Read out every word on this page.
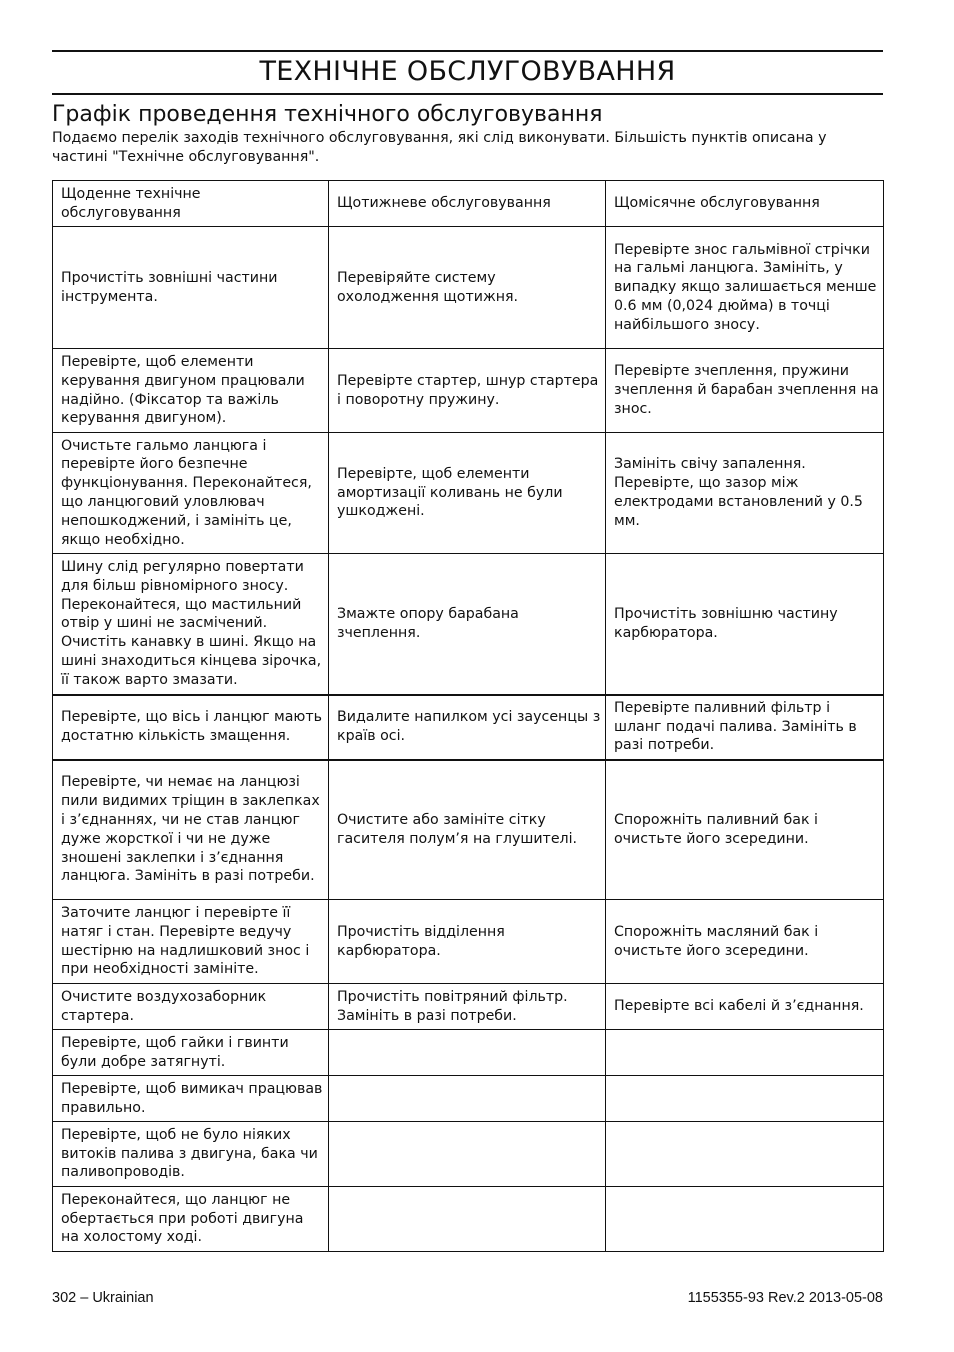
ТЕХНІЧНЕ ОБСЛУГОВУВАННЯ
Графік проведення технічного обслуговування
Подаємо перелік заходів технічного обслуговування, які слід виконувати. Більшість пунктів описана у частині "Технічне обслуговування".
Щоденне технічне обслуговування	Щотижневе обслуговування	Щомісячне обслуговування
Прочистіть зовнішні частини інструмента.	Перевіряйте систему охолодження щотижня.	Перевірте знос гальмівної стрічки на гальмі ланцюга. Замініть, у випадку якщо залишається менше 0.6 мм (0,024 дюйма) в точці найбільшого зносу.
Перевірте, щоб елементи керування двигуном працювали надійно. (Фіксатор та важіль керування двигуном).	Перевірте стартер, шнур стартера і поворотну пружину.	Перевірте зчеплення, пружини зчеплення й барабан зчеплення на знос.
Очистьте гальмо ланцюга і перевірте його безпечне функціонування. Переконайтеся, що ланцюговий уловлювач непошкоджений, і замініть це, якщо необхідно.	Перевірте, щоб елементи амортизації коливань не були ушкоджені.	Замініть свічу запалення. Перевірте, що зазор між електродами встановлений у 0.5 мм.
Шину слід регулярно повертати для більш рівномірного зносу. Переконайтеся, що мастильний отвір у шині не засмічений. Очистіть канавку в шині. Якщо на шині знаходиться кінцева зірочка, її також варто змазати.	Змажте опору барабана зчеплення.	Прочистіть зовнішню частину карбюратора.
Перевірте, що вісь і ланцюг мають достатню кількість змащення.	Видалите напилком усі заусенцы з країв осі.	Перевірте паливний фільтр і шланг подачі палива. Замініть в разі потреби.
Перевірте, чи немає на ланцюзі пили видимих тріщин в заклепках і з’єднаннях, чи не став ланцюг дуже жорсткої і чи не дуже зношені заклепки і з’єднання ланцюга. Замініть в разі потреби.	Очистите або замініте сітку гасителя полум’я на глушителі.	Спорожніть паливний бак і очистьте його зсередини.
Заточите ланцюг і перевірте її натяг і стан. Перевірте ведучу шестірню на надлишковий знос і при необхідності замініте.	Прочистіть відділення карбюратора.	Спорожніть масляний бак і очистьте його зсередини.
Очистите воздухозаборник стартера.	Прочистіть повітряний фільтр. Замініть в разі потреби.	Перевірте всі кабелі й з’єднання.
Перевірте, щоб гайки і гвинти були добре затягнуті.		
Перевірте, щоб вимикач працював правильно.		
Перевірте, щоб не було ніяких витоків палива з двигуна, бака чи паливопроводів.		
Переконайтеся, що ланцюг не обертається при роботі двигуна на холостому ході.		
302 – Ukrainian	1155355-93 Rev.2 2013-05-08
